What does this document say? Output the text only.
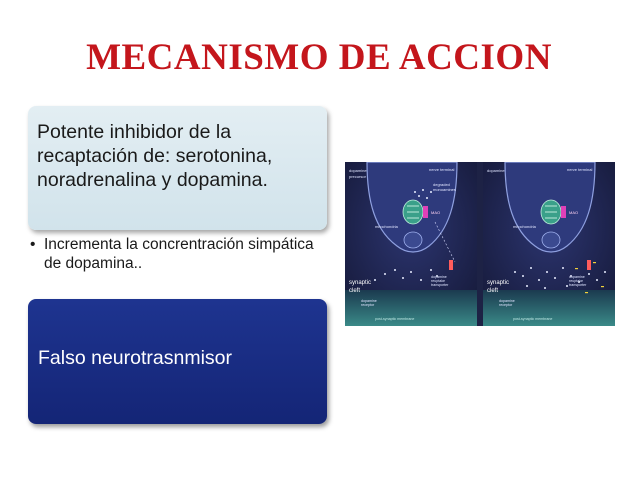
MECANISMO DE ACCION
Potente inhibidor de la recaptación de: serotonina, noradrenalina y dopamina.
• Incrementa la concrentración simpática de dopamina..
Falso neurotrasnmisor
nerve terminal
dopamine
precursor
degraded
monoamines
MAO
mitochondria
synaptic
cleft
dopamine
reuptake
transporter
dopamine
receptor
post-synaptic membrane
nerve terminal
dopamine
MAO
mitochondria
synaptic
cleft
dopamine
reuptake
transporter
dopamine
receptor
post-synaptic membrane
